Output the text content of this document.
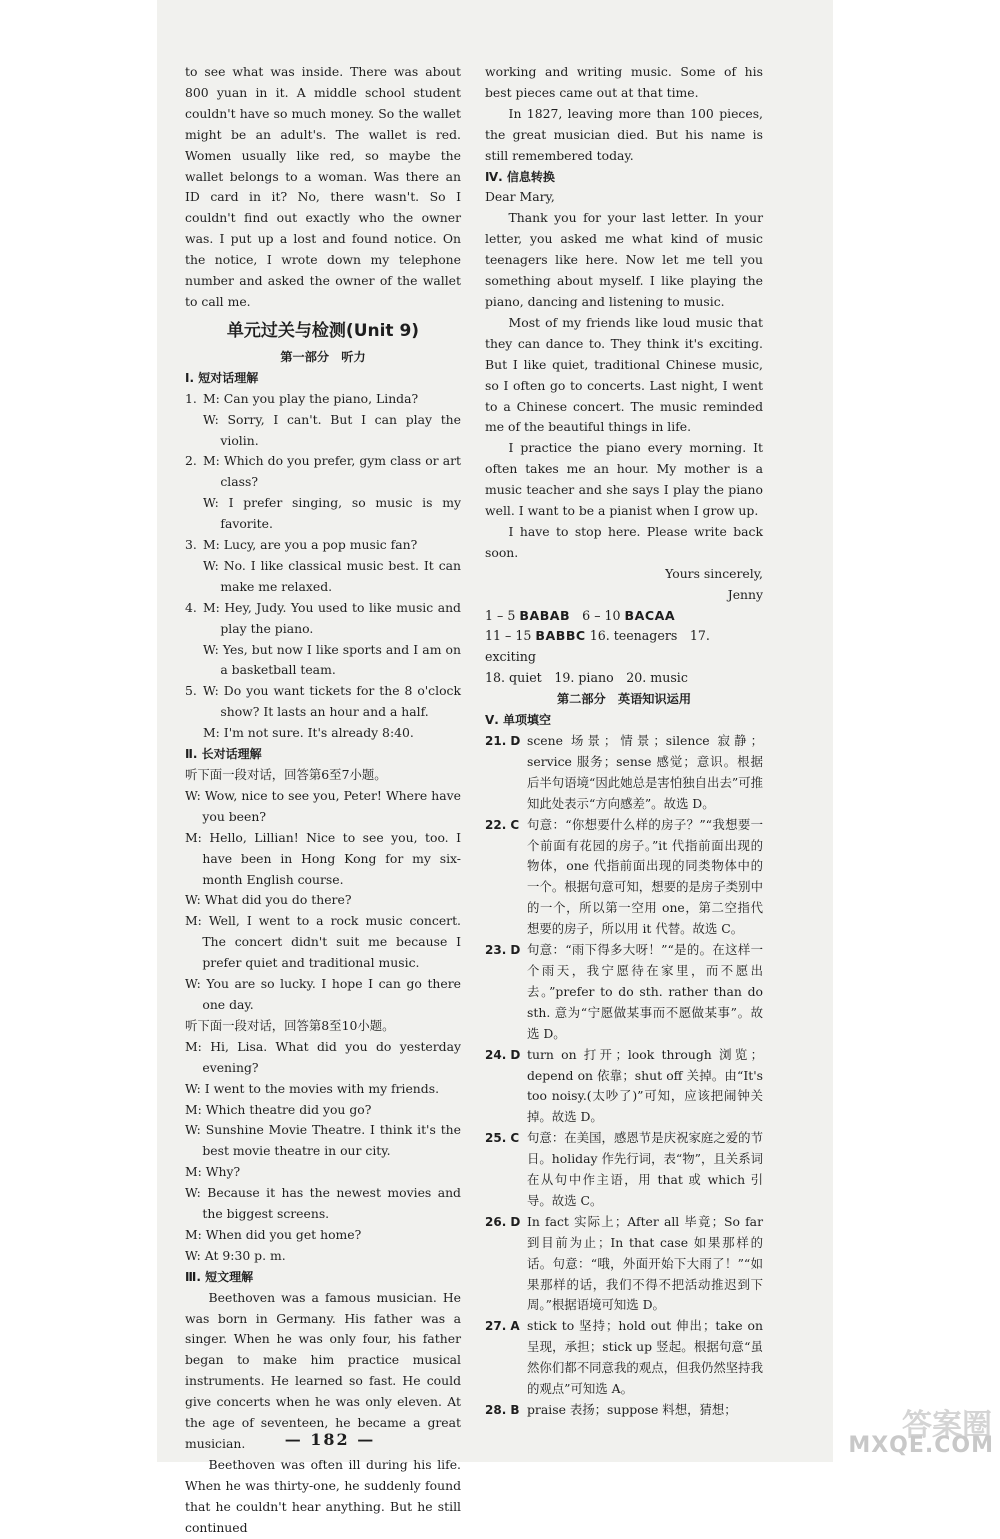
to see what was inside. There was about 800 yuan in it. A middle school student couldn't have so much money. So the wallet might be an adult's. The wallet is red. Women usually like red, so maybe the wallet belongs to a woman. Was there an ID card in it? No, there wasn't. So I couldn't find out exactly who the owner was. I put up a lost and found notice. On the notice, I wrote down my telephone number and asked the owner of the wallet to call me.

单元过关与检测(Unit 9)
第一部分　听力
Ⅰ. 短对话理解
1. M: Can you play the piano, Linda?
W: Sorry, I can't. But I can play the violin.
2. M: Which do you prefer, gym class or art class?
W: I prefer singing, so music is my favorite.
3. M: Lucy, are you a pop music fan?
W: No. I like classical music best. It can make me relaxed.
4. M: Hey, Judy. You used to like music and play the piano.
W: Yes, but now I like sports and I am on a basketball team.
5. W: Do you want tickets for the 8 o'clock show? It lasts an hour and a half.
M: I'm not sure. It's already 8:40.
Ⅱ. 长对话理解
听下面一段对话，回答第6至7小题。
W: Wow, nice to see you, Peter! Where have you been?
M: Hello, Lillian! Nice to see you, too. I have been in Hong Kong for my six-month English course.
W: What did you do there?
M: Well, I went to a rock music concert. The concert didn't suit me because I prefer quiet and traditional music.
W: You are so lucky. I hope I can go there one day.
听下面一段对话，回答第8至10小题。
M: Hi, Lisa. What did you do yesterday evening?
W: I went to the movies with my friends.
M: Which theatre did you go?
W: Sunshine Movie Theatre. I think it's the best movie theatre in our city.
M: Why?
W: Because it has the newest movies and the biggest screens.
M: When did you get home?
W: At 9:30 p. m.
Ⅲ. 短文理解

Beethoven was a famous musician. He was born in Germany. His father was a singer. When he was only four, his father began to make him practice musical instruments. He learned so fast. He could give concerts when he was only eleven. At the age of seventeen, he became a great musician.

Beethoven was often ill during his life. When he was thirty-one, he suddenly found that he couldn't hear anything. But he still continued

working and writing music. Some of his best pieces came out at that time.

In 1827, leaving more than 100 pieces, the great musician died. But his name is still remembered today.

Ⅳ. 信息转换
Dear Mary,

Thank you for your last letter. In your letter, you asked me what kind of music teenagers like here. Now let me tell you something about myself. I like playing the piano, dancing and listening to music.

Most of my friends like loud music that they can dance to. They think it's exciting. But I like quiet, traditional Chinese music, so I often go to concerts. Last night, I went to a Chinese concert. The music reminded me of the beautiful things in life.

I practice the piano every morning. It often takes me an hour. My mother is a music teacher and she says I play the piano well. I want to be a pianist when I grow up.

I have to stop here. Please write back soon.

Yours sincerely,
Jenny
1 – 5 BABAB 6 – 10 BACAA
11 – 15 BABBC 16. teenagers　17. exciting
18. quiet　19. piano　20. music
第二部分　英语知识运用
Ⅴ. 单项填空
21. D scene 场景；情景；silence 寂静；service 服务；sense 感觉；意识。根据后半句语境“因此她总是害怕独自出去”可推知此处表示“方向感差”。故选 D。
22. C 句意：“你想要什么样的房子？”“我想要一个前面有花园的房子。”it 代指前面出现的物体，one 代指前面出现的同类物体中的一个。根据句意可知，想要的是房子类别中的一个，所以第一空用 one，第二空指代想要的房子，所以用 it 代替。故选 C。
23. D 句意：“雨下得多大呀！”“是的。在这样一个雨天，我宁愿待在家里，而不愿出去。”prefer to do sth. rather than do sth. 意为“宁愿做某事而不愿做某事”。故选 D。
24. D turn on 打开；look through 浏览；depend on 依靠；shut off 关掉。由“It's too noisy.(太吵了)”可知，应该把闹钟关掉。故选 D。
25. C 句意：在美国，感恩节是庆祝家庭之爱的节日。holiday 作先行词，表“物”，且关系词在从句中作主语，用 that 或 which 引导。故选 C。
26. D In fact 实际上；After all 毕竟；So far 到目前为止；In that case 如果那样的话。句意：“哦，外面开始下大雨了！”“如果那样的话，我们不得不把活动推迟到下周。”根据语境可知选 D。
27. A stick to 坚持；hold out 伸出；take on 呈现，承担；stick up 竖起。根据句意“虽然你们都不同意我的观点，但我仍然坚持我的观点”可知选 A。
28. B praise 表扬；suppose 料想，猜想；
— 182 —	答案圈
MXQE.COM
